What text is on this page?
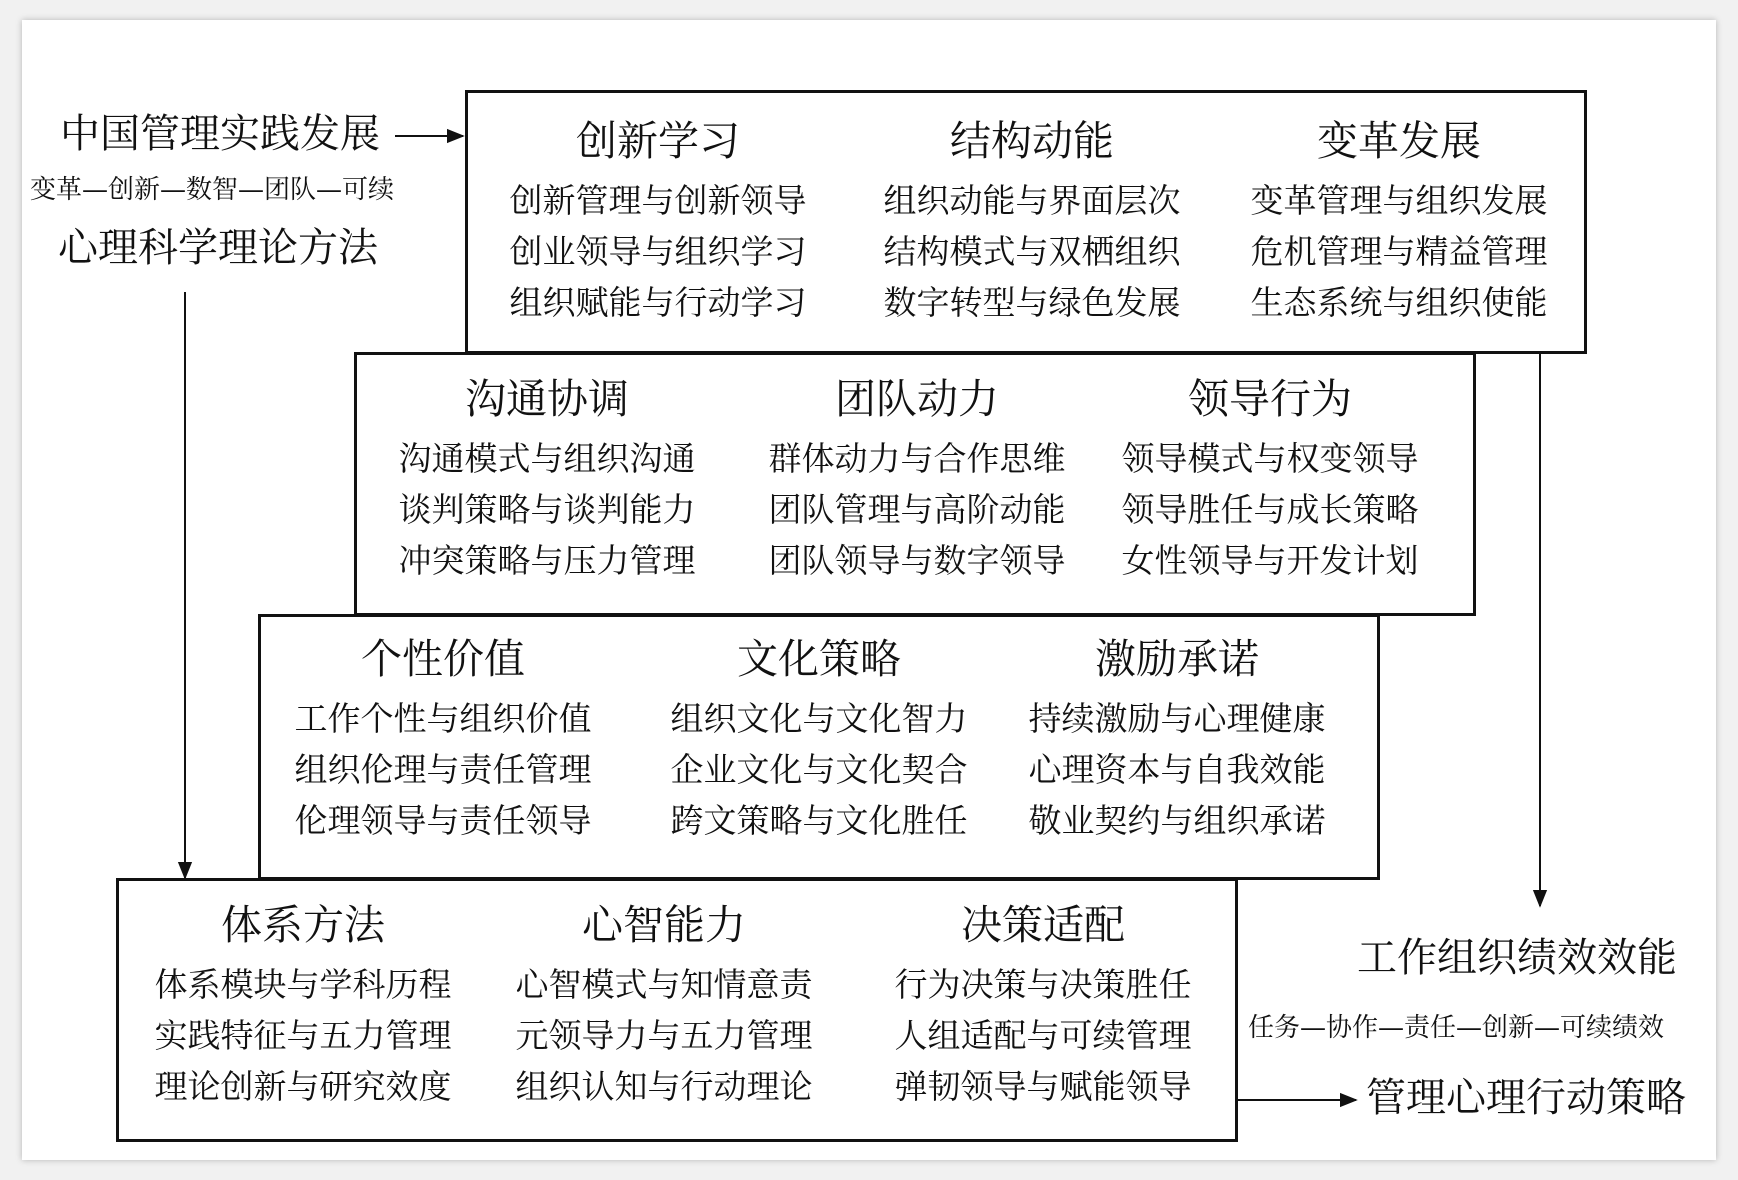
创新学习
创新管理与创新领导
创业领导与组织学习
组织赋能与行动学习
结构动能
组织动能与界面层次
结构模式与双栖组织
数字转型与绿色发展
变革发展
变革管理与组织发展
危机管理与精益管理
生态系统与组织使能
沟通协调
沟通模式与组织沟通
谈判策略与谈判能力
冲突策略与压力管理
团队动力
群体动力与合作思维
团队管理与高阶动能
团队领导与数字领导
领导行为
领导模式与权变领导
领导胜任与成长策略
女性领导与开发计划
个性价值
工作个性与组织价值
组织伦理与责任管理
伦理领导与责任领导
文化策略
组织文化与文化智力
企业文化与文化契合
跨文策略与文化胜任
激励承诺
持续激励与心理健康
心理资本与自我效能
敬业契约与组织承诺
体系方法
体系模块与学科历程
实践特征与五力管理
理论创新与研究效度
心智能力
心智模式与知情意责
元领导力与五力管理
组织认知与行动理论
决策适配
行为决策与决策胜任
人组适配与可续管理
弹韧领导与赋能领导
中国管理实践发展
变革—创新—数智—团队—可续
心理科学理论方法
工作组织绩效效能
任务—协作—责任—创新—可续绩效
管理心理行动策略
